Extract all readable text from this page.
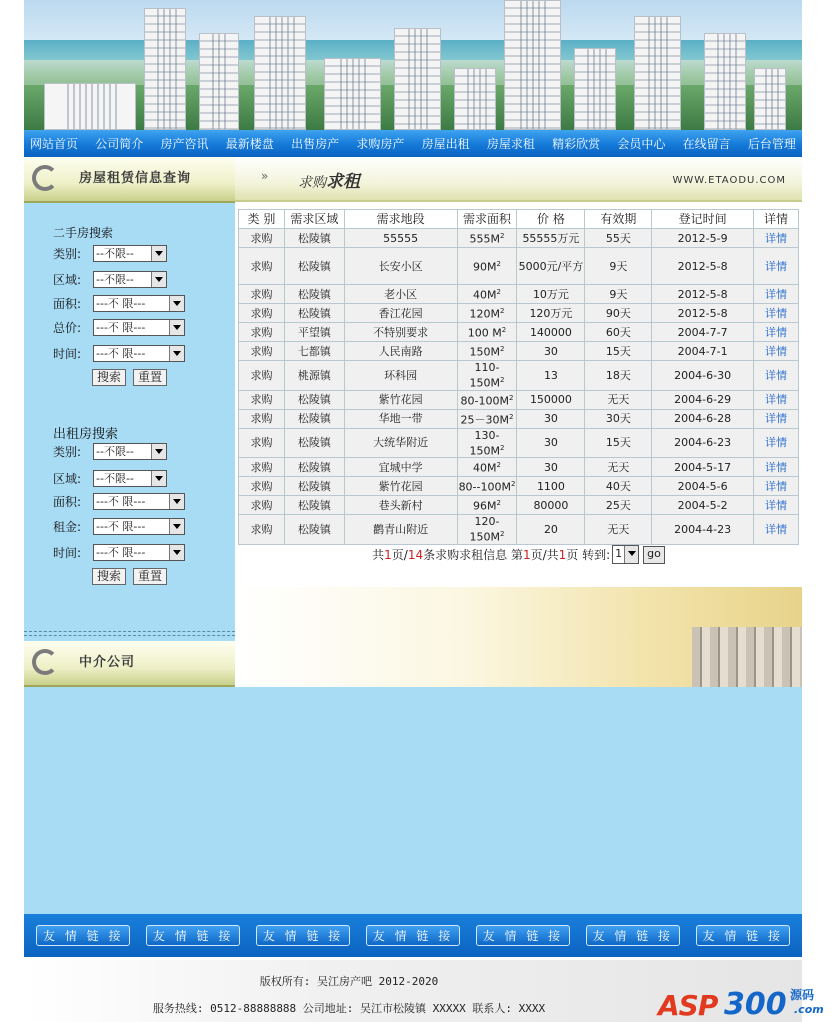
网站首页 公司简介 房产咨讯 最新楼盘 出售房产 求购房产 房屋出租 房屋求租 精彩欣赏 会员中心 在线留言 后台管理
房屋租赁信息查询
二手房搜索
类别:	--不限--
区域:	--不限--
面积:	---不 限---
总价:	---不 限---
时间:	---不 限---
搜索	重置
出租房搜索
类别:	--不限--
区域:	--不限--
面积:	---不 限---
租金:	---不 限---
时间:	---不 限---
搜索	重置
中介公司
» 求购求租	WWW.ETAODU.COM
类 别	需求区域	需求地段	需求面积	价 格	有效期	登记时间	详情
求购	松陵镇	55555	$555M^2$	55555万元	55天	2012-5-9	详情
求购	松陵镇	长安小区	$90M^2$	5000元/平方	9天	2012-5-8	详情
求购	松陵镇	老小区	$40M^2$	10万元	9天	2012-5-8	详情
求购	松陵镇	香江花园	$120M^2$	120万元	90天	2012-5-8	详情
求购	平望镇	不特别要求	100 $M^2$	140000	60天	2004-7-7	详情
求购	七都镇	人民南路	$150M^2$	30	15天	2004-7-1	详情
求购	桃源镇	环科园	$110-150M^2$	13	18天	2004-6-30	详情
求购	松陵镇	紫竹花园	$80-100M^2$	150000	无天	2004-6-29	详情
求购	松陵镇	华地一带	$25-30M^2$	30	30天	2004-6-28	详情
求购	松陵镇	大统华附近	$130-150M^2$	30	15天	2004-6-23	详情
求购	松陵镇	宜城中学	$40M^2$	30	无天	2004-5-17	详情
求购	松陵镇	紫竹花园	$80--100M^2$	1100	40天	2004-5-6	详情
求购	松陵镇	巷头新村	$96M^2$	80000	25天	2004-5-2	详情
求购	松陵镇	鹳青山附近	$120-150M^2$	20	无天	2004-4-23	详情
共 1 页/ 14 条求购求租信息 第 1 页/共 1 页 转到: 1	go
友 情 链 接	友 情 链 接	友 情 链 接	友 情 链 接	友 情 链 接	友 情 链 接	友 情 链 接
版权所有: 吴江房产吧 2012-2020
服务热线: 0512-88888888 公司地址: 吴江市松陵镇 XXXXX 联系人: XXXX	ASP 300 源码
.com
